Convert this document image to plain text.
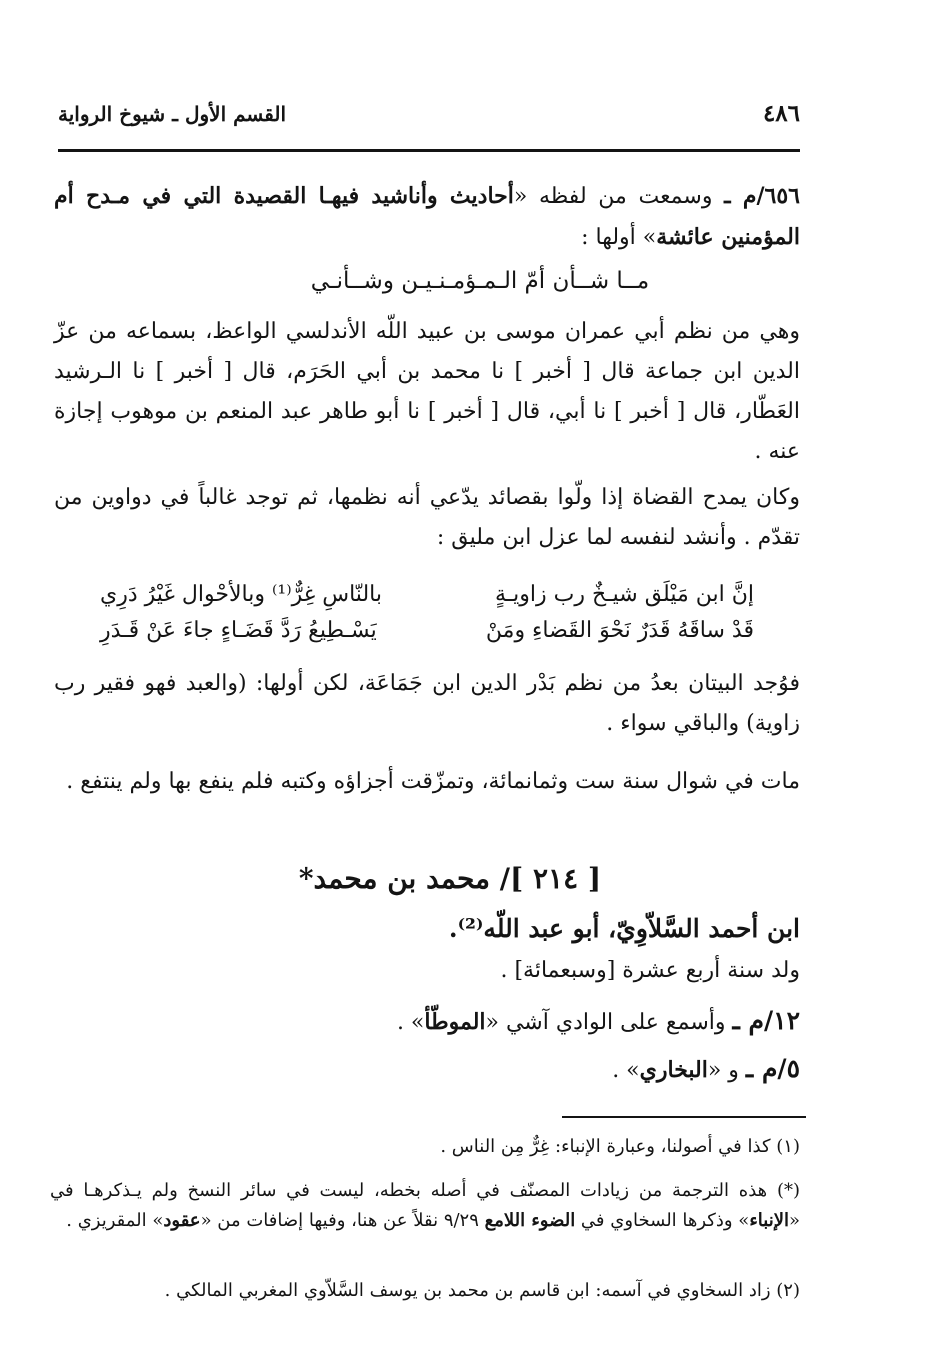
٤٨٦
القسم الأول ـ شيوخ الرواية
٦٥٦/م ـ وسمعت من لفظه «أحاديث وأناشيد فيهـا القصيدة التي في مـدح أم المؤمنين عائشة» أولها :
مــا شــأن أمّ الـمـؤمـنـيـن وشــأنـي
وهي من نظم أبي عمران موسى بن عبيد اللّه الأندلسي الواعظ، بسماعه من عزّ الدين ابن جماعة قال [ أخبر ] نا محمد بن أبي الحَرَم، قال [ أخبر ] نا الـرشيد العَطّار، قال [ أخبر ] نا أبي، قال [ أخبر ] نا أبو طاهر عبد المنعم بن موهوب إجازة عنه .
وكان يمدح القضاة إذا ولّوا بقصائد يدّعي أنه نظمها، ثم توجد غالباً في دواوين من تقدّم . وأنشد لنفسه لما عزل ابن مليق :
إنَّ ابن مَيْلَق شيـخٌ رب زاويـةٍ
بالنّاسِ غِرٌّ⁽¹⁾ وبالأحْوال غَيْرُ دَرِي
قَدْ ساقَهُ قَدَرٌ نَحْوَ القَضاءِ ومَنْ
يَسْـطِيعُ رَدَّ قَضَـاءٍ جاءَ عَنْ قَـدَرِ
فوُجد البيتان بعدُ من نظم بَدْر الدين ابن جَمَاعَة، لكن أولها: (والعبد فهو فقير رب زاوية) والباقي سواء .
مات في شوال سنة ست وثمانمائة، وتمزّقت أجزاؤه وكتبه فلم ينفع بها ولم ينتفع .
[ ٢١٤ ]/ محمد بن محمد*
ابن أحمد السَّلاّوِيّ، أبو عبد اللّه⁽²⁾.
ولد سنة أربع عشرة [وسبعمائة] .
١٢/م ـ وأسمع على الوادي آشي «الموطّأ» .
٥/م ـ و «البخاري» .
(١) كذا في أصولنا، وعبارة الإنباء: غِرٌّ مِن الناس .
(*) هذه الترجمة من زيادات المصنّف في أصله بخطه، ليست في سائر النسخ ولم يـذكرهـا في «الإنباء» وذكرها السخاوي في الضوء اللامع ٩/٢٩ نقلاً عن هنا، وفيها إضافات من «عقود» المقريزي .
(٢) زاد السخاوي في آسمه: ابن قاسم بن محمد بن يوسف السَّلاّوي المغربي المالكي .
